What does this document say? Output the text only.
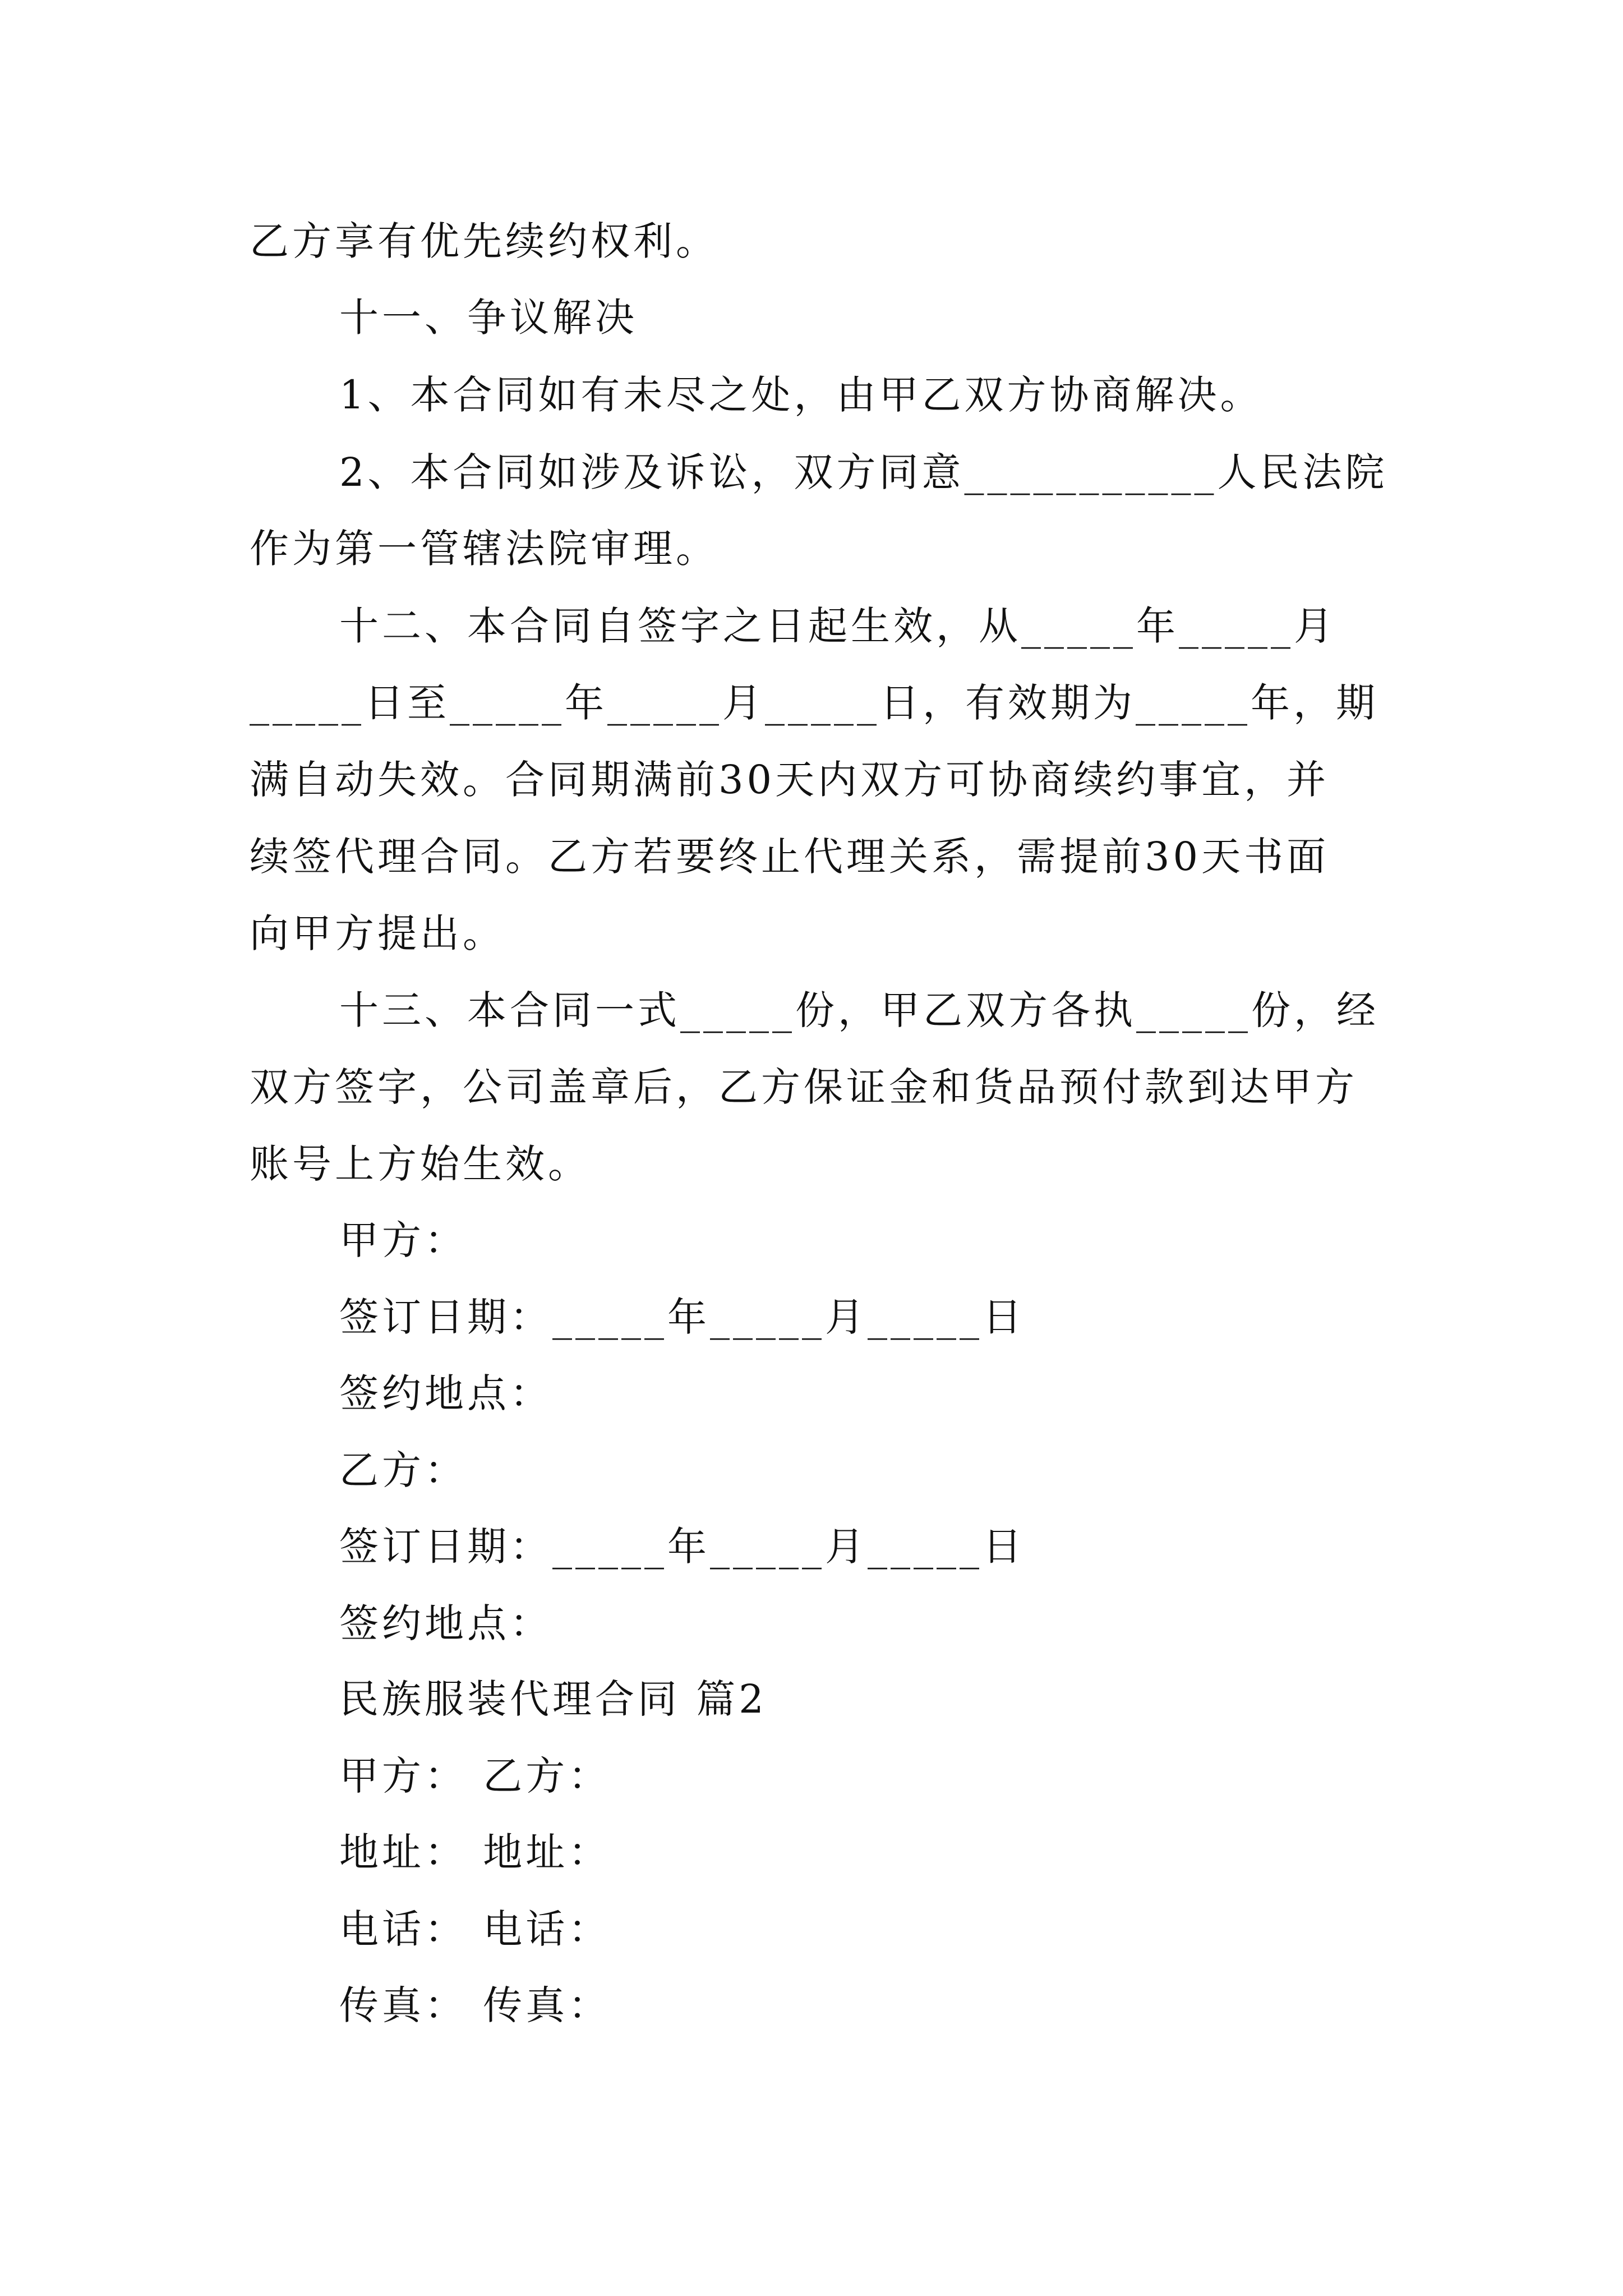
乙方享有优先续约权利。
十一、争议解决
1、本合同如有未尽之处，由甲乙双方协商解决。
2、本合同如涉及诉讼，双方同意___________人民法院
作为第一管辖法院审理。
十二、本合同自签字之日起生效，从_____年_____月
_____日至_____年_____月_____日，有效期为_____年，期
满自动失效。合同期满前30天内双方可协商续约事宜，并
续签代理合同。乙方若要终止代理关系，需提前30天书面
向甲方提出。
十三、本合同一式_____份，甲乙双方各执_____份，经
双方签字，公司盖章后，乙方保证金和货品预付款到达甲方
账号上方始生效。
甲方：
签订日期：_____年_____月_____日
签约地点：
乙方：
签订日期：_____年_____月_____日
签约地点：
民族服装代理合同 篇2
甲方： 乙方：
地址： 地址：
电话： 电话：
传真： 传真：
